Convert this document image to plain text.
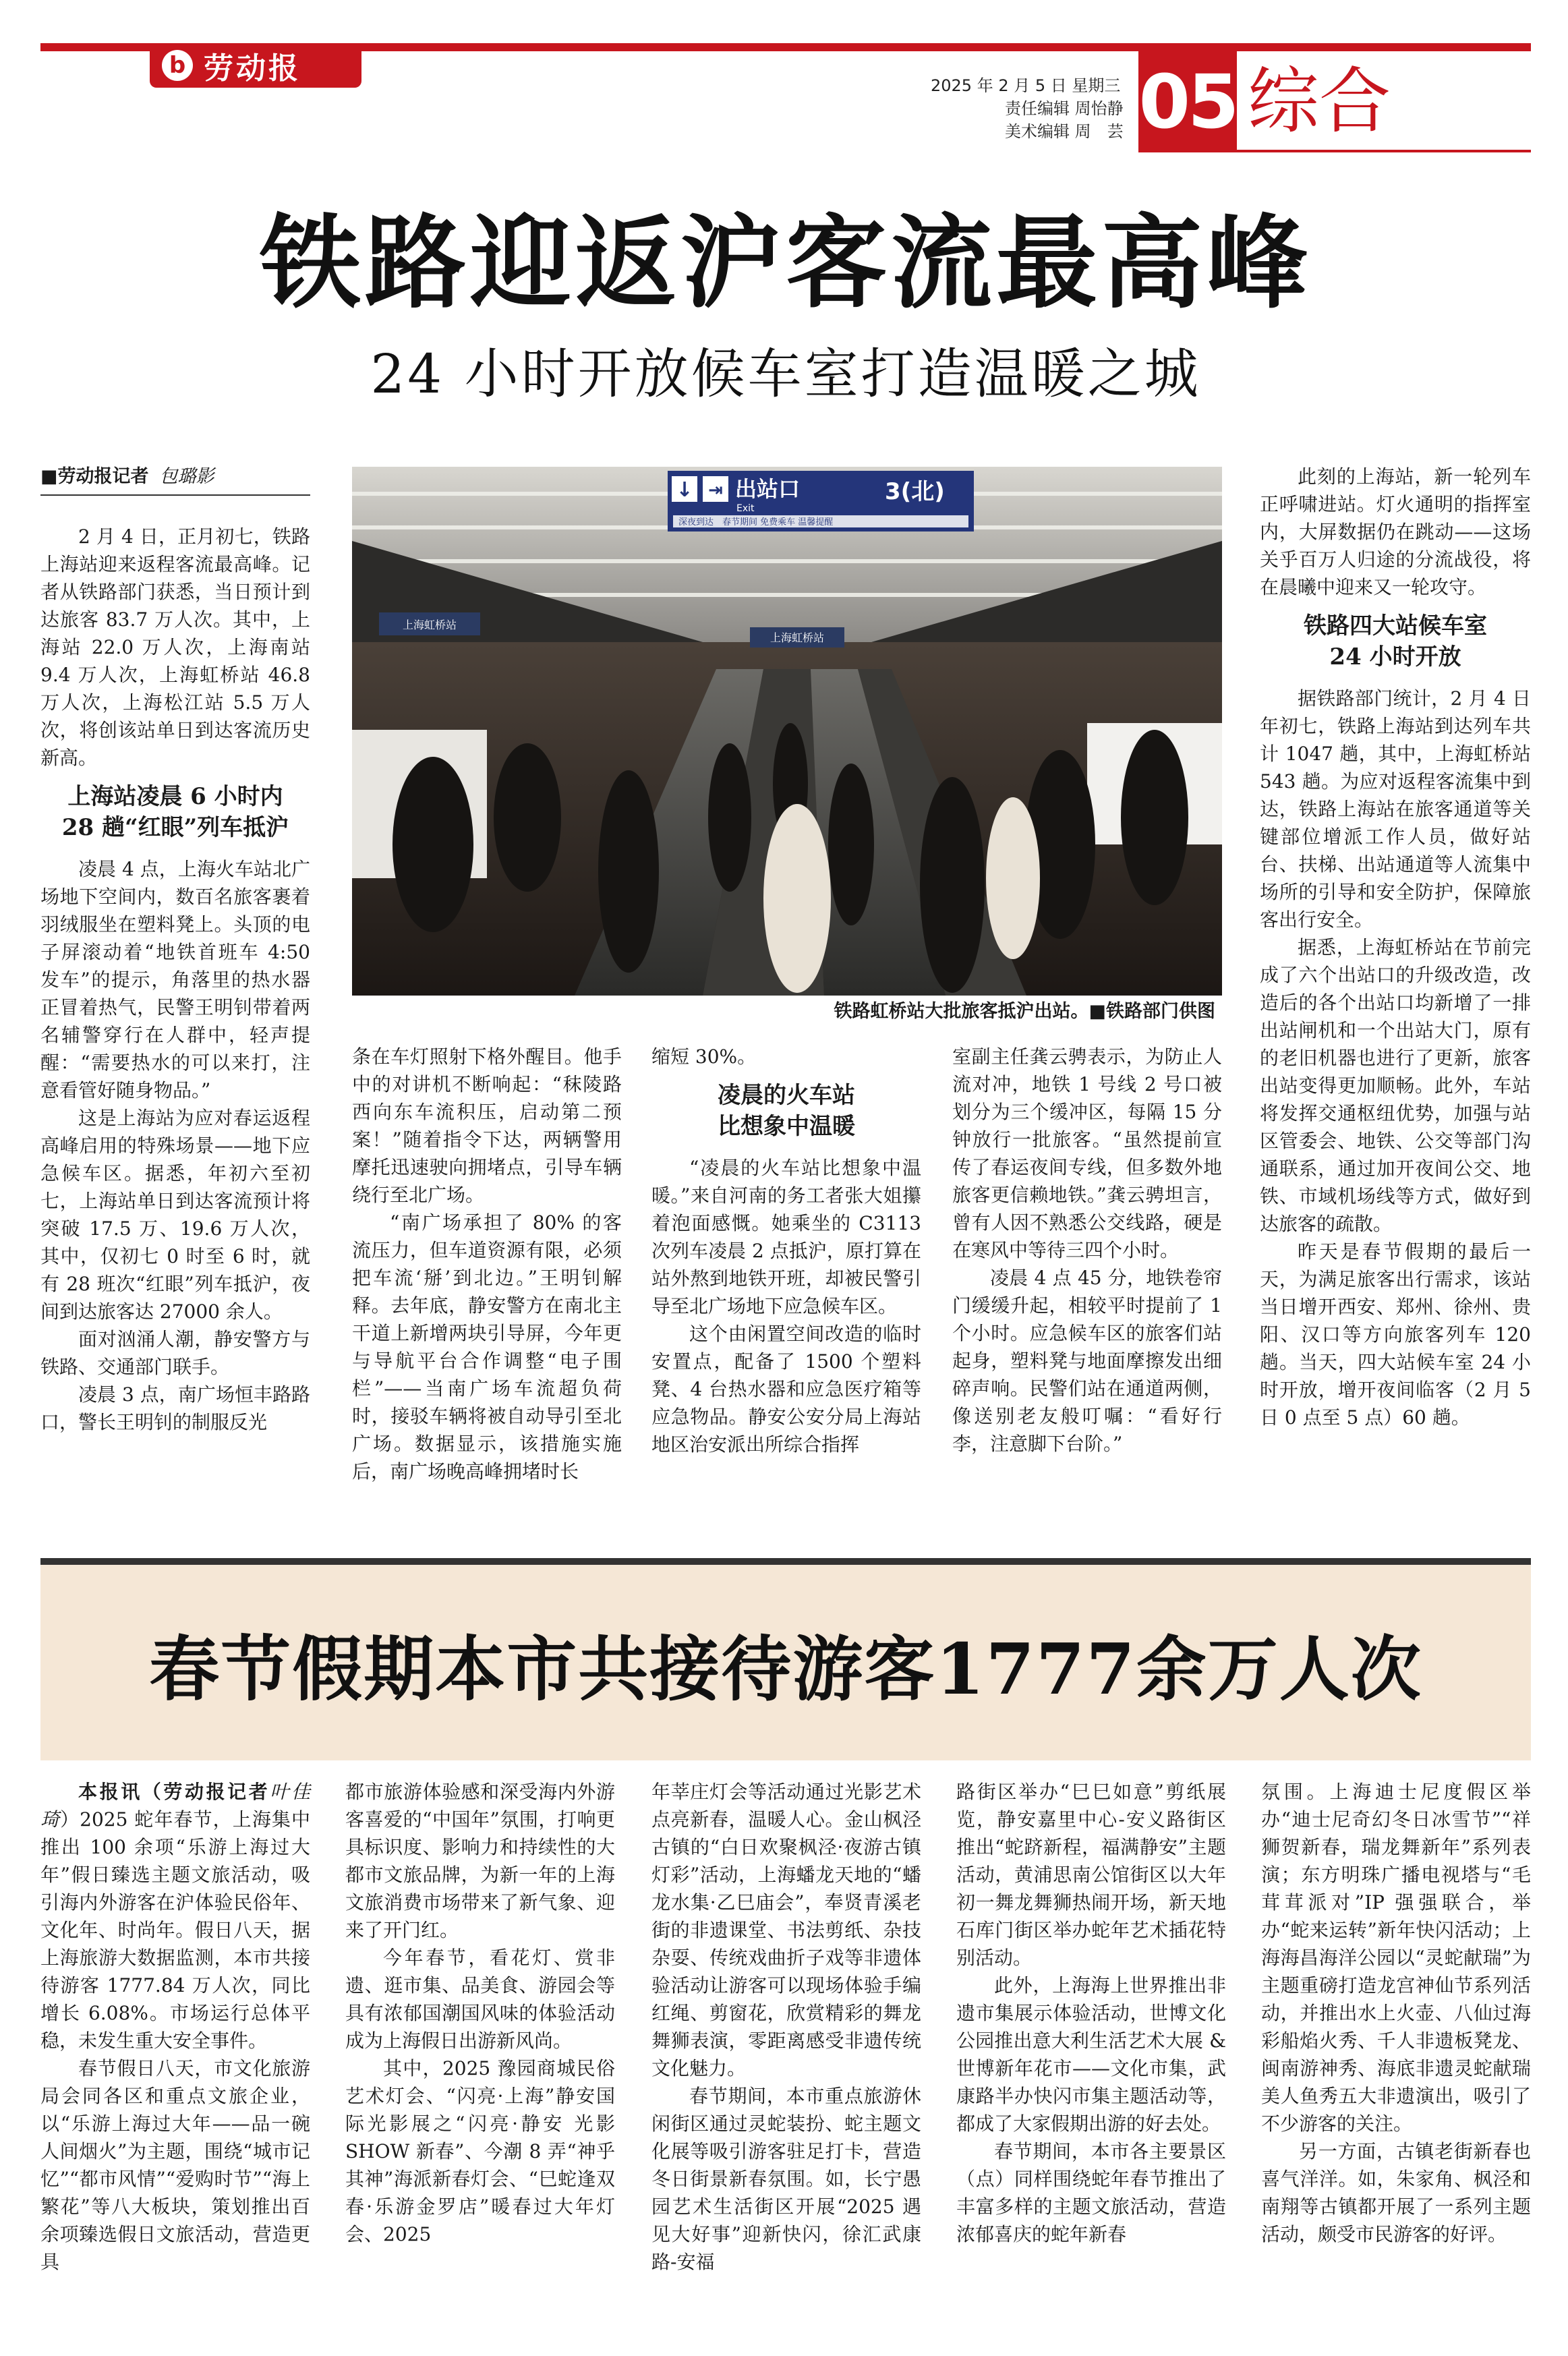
b 劳动报	2025 年 2 月 5 日 星期三
责任编辑 周怡静
美术编辑 周　芸 05 综合
铁路迎返沪客流最高峰
24 小时开放候车室打造温暖之城
■劳动报记者 包璐影

2 月 4 日，正月初七，铁路上海站迎来返程客流最高峰。记者从铁路部门获悉，当日预计到达旅客 83.7 万人次。其中，上海站 22.0 万人次，上海南站 9.4 万人次，上海虹桥站 46.8 万人次，上海松江站 5.5 万人次，将创该站单日到达客流历史新高。

上海站凌晨 6 小时内
28 趟“红眼”列车抵沪

凌晨 4 点，上海火车站北广场地下空间内，数百名旅客裹着羽绒服坐在塑料凳上。头顶的电子屏滚动着“地铁首班车 4:50 发车”的提示，角落里的热水器正冒着热气，民警王明钊带着两名辅警穿行在人群中，轻声提醒：“需要热水的可以来打，注意看管好随身物品。”

这是上海站为应对春运返程高峰启用的特殊场景——地下应急候车区。据悉，年初六至初七，上海站单日到达客流预计将突破 17.5 万、19.6 万人次，其中，仅初七 0 时至 6 时，就有 28 班次“红眼”列车抵沪，夜间到达旅客达 27000 余人。

面对汹涌人潮，静安警方与铁路、交通部门联手。

凌晨 3 点，南广场恒丰路路口，警长王明钊的制服反光

上海虹桥站
上海虹桥站
↓ ⇥ 出站口
Exit
3(北)
深夜到达　春节期间 免费乘车 温馨提醒
铁路虹桥站大批旅客抵沪出站。■铁路部门供图

条在车灯照射下格外醒目。他手中的对讲机不断响起：“秣陵路西向东车流积压，启动第二预案！”随着指令下达，两辆警用摩托迅速驶向拥堵点，引导车辆绕行至北广场。

“南广场承担了 80% 的客流压力，但车道资源有限，必须把车流‘掰’到北边。”王明钊解释。去年底，静安警方在南北主干道上新增两块引导屏，今年更与导航平台合作调整“电子围栏”——当南广场车流超负荷时，接驳车辆将被自动导引至北广场。数据显示，该措施实施后，南广场晚高峰拥堵时长

缩短 30%。

凌晨的火车站
比想象中温暖

“凌晨的火车站比想象中温暖。”来自河南的务工者张大姐攥着泡面感慨。她乘坐的 C3113 次列车凌晨 2 点抵沪，原打算在站外熬到地铁开班，却被民警引导至北广场地下应急候车区。

这个由闲置空间改造的临时安置点，配备了 1500 个塑料凳、4 台热水器和应急医疗箱等应急物品。静安公安分局上海站地区治安派出所综合指挥

室副主任龚云骋表示，为防止人流对冲，地铁 1 号线 2 号口被划分为三个缓冲区，每隔 15 分钟放行一批旅客。“虽然提前宣传了春运夜间专线，但多数外地旅客更信赖地铁。”龚云骋坦言，曾有人因不熟悉公交线路，硬是在寒风中等待三四个小时。

凌晨 4 点 45 分，地铁卷帘门缓缓升起，相较平时提前了 1 个小时。应急候车区的旅客们站起身，塑料凳与地面摩擦发出细碎声响。民警们站在通道两侧，像送别老友般叮嘱：“看好行李，注意脚下台阶。”

此刻的上海站，新一轮列车正呼啸进站。灯火通明的指挥室内，大屏数据仍在跳动——这场关乎百万人归途的分流战役，将在晨曦中迎来又一轮攻守。

铁路四大站候车室
24 小时开放

据铁路部门统计，2 月 4 日年初七，铁路上海站到达列车共计 1047 趟，其中，上海虹桥站 543 趟。为应对返程客流集中到达，铁路上海站在旅客通道等关键部位增派工作人员，做好站台、扶梯、出站通道等人流集中场所的引导和安全防护，保障旅客出行安全。

据悉，上海虹桥站在节前完成了六个出站口的升级改造，改造后的各个出站口均新增了一排出站闸机和一个出站大门，原有的老旧机器也进行了更新，旅客出站变得更加顺畅。此外，车站将发挥交通枢纽优势，加强与站区管委会、地铁、公交等部门沟通联系，通过加开夜间公交、地铁、市域机场线等方式，做好到达旅客的疏散。

昨天是春节假期的最后一天，为满足旅客出行需求，该站当日增开西安、郑州、徐州、贵阳、汉口等方向旅客列车 120 趟。当天，四大站候车室 24 小时开放，增开夜间临客（2 月 5 日 0 点至 5 点）60 趟。

春节假期本市共接待游客1777余万人次

本报讯（劳动报记者叶佳琦）2025 蛇年春节，上海集中推出 100 余项“乐游上海过大年”假日臻选主题文旅活动，吸引海内外游客在沪体验民俗年、文化年、时尚年。假日八天，据上海旅游大数据监测，本市共接待游客 1777.84 万人次，同比增长 6.08%。市场运行总体平稳，未发生重大安全事件。

春节假日八天，市文化旅游局会同各区和重点文旅企业，以“乐游上海过大年——品一碗人间烟火”为主题，围绕“城市记忆”“都市风情”“爱购时节”“海上繁花”等八大板块，策划推出百余项臻选假日文旅活动，营造更具

都市旅游体验感和深受海内外游客喜爱的“中国年”氛围，打响更具标识度、影响力和持续性的大都市文旅品牌，为新一年的上海文旅消费市场带来了新气象、迎来了开门红。

今年春节，看花灯、赏非遗、逛市集、品美食、游园会等具有浓郁国潮国风味的体验活动成为上海假日出游新风尚。

其中，2025 豫园商城民俗艺术灯会、“闪亮·上海”静安国际光影展之“闪亮·静安 光影 SHOW 新春”、今潮 8 弄“神乎其神”海派新春灯会、“巳蛇逢双春·乐游金罗店”暖春过大年灯会、2025

年莘庄灯会等活动通过光影艺术点亮新春，温暖人心。金山枫泾古镇的“白日欢聚枫泾·夜游古镇灯彩”活动，上海蟠龙天地的“蟠龙水集·乙巳庙会”，奉贤青溪老街的非遗课堂、书法剪纸、杂技杂耍、传统戏曲折子戏等非遗体验活动让游客可以现场体验手编红绳、剪窗花，欣赏精彩的舞龙舞狮表演，零距离感受非遗传统文化魅力。

春节期间，本市重点旅游休闲街区通过灵蛇装扮、蛇主题文化展等吸引游客驻足打卡，营造冬日街景新春氛围。如，长宁愚园艺术生活街区开展“2025 遇见大好事”迎新快闪，徐汇武康路-安福

路街区举办“巳巳如意”剪纸展览，静安嘉里中心-安义路街区推出“蛇跻新程，福满静安”主题活动，黄浦思南公馆街区以大年初一舞龙舞狮热闹开场，新天地石库门街区举办蛇年艺术插花特别活动。

此外，上海海上世界推出非遗市集展示体验活动，世博文化公园推出意大利生活艺术大展 & 世博新年花市——文化市集，武康路半办快闪市集主题活动等，都成了大家假期出游的好去处。

春节期间，本市各主要景区（点）同样围绕蛇年春节推出了丰富多样的主题文旅活动，营造浓郁喜庆的蛇年新春

氛围。上海迪士尼度假区举办“迪士尼奇幻冬日冰雪节”“祥狮贺新春，瑞龙舞新年”系列表演；东方明珠广播电视塔与“毛茸茸派对”IP 强强联合，举办“蛇来运转”新年快闪活动；上海海昌海洋公园以“灵蛇献瑞”为主题重磅打造龙宫神仙节系列活动，并推出水上火壶、八仙过海彩船焰火秀、千人非遗板凳龙、闽南游神秀、海底非遗灵蛇献瑞美人鱼秀五大非遗演出，吸引了不少游客的关注。

另一方面，古镇老街新春也喜气洋洋。如，朱家角、枫泾和南翔等古镇都开展了一系列主题活动，颇受市民游客的好评。
